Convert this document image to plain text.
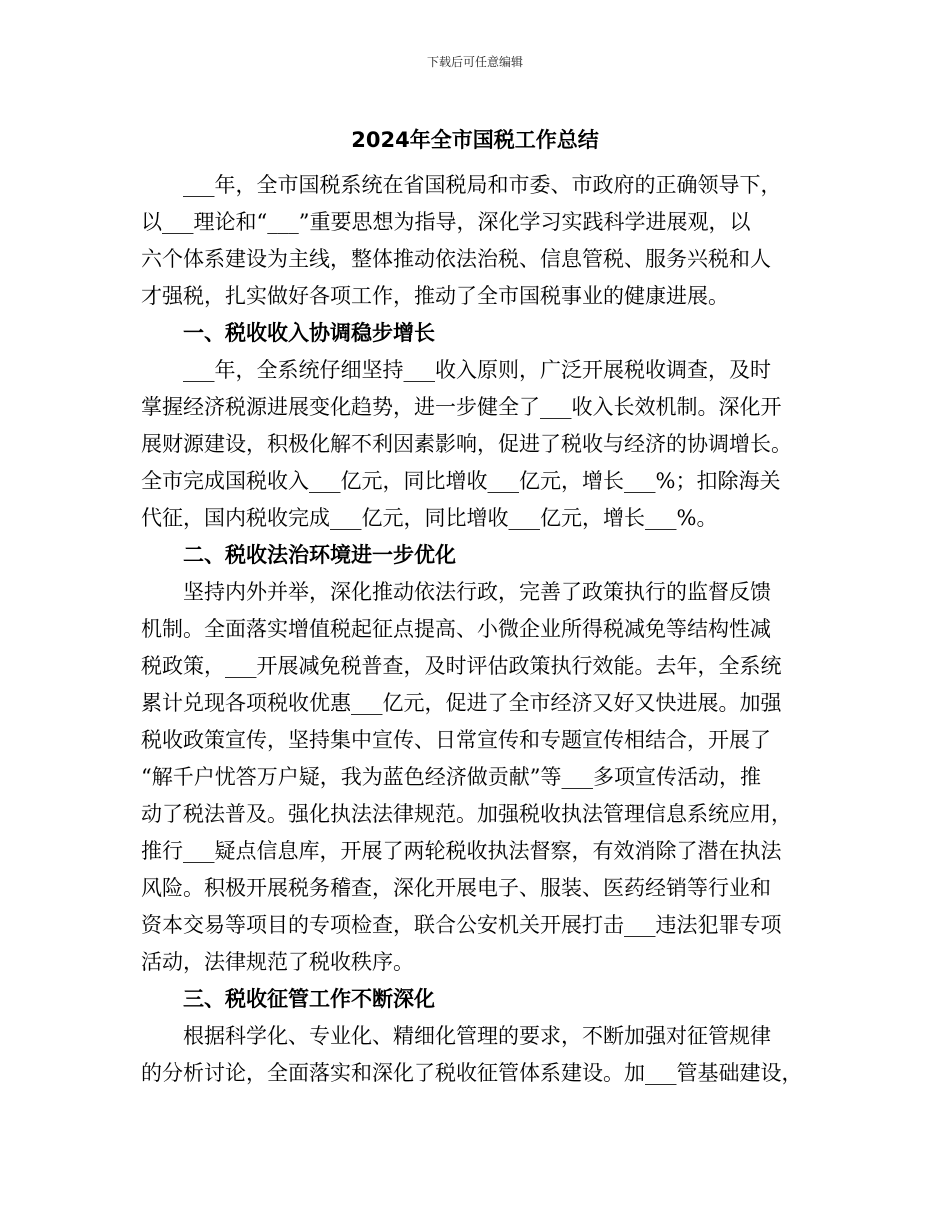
下载后可任意编辑
2024年全市国税工作总结
　　___年，全市国税系统在省国税局和市委、市政府的正确领导下，
以___理论和“___”重要思想为指导，深化学习实践科学进展观，以
六个体系建设为主线，整体推动依法治税、信息管税、服务兴税和人
才强税，扎实做好各项工作，推动了全市国税事业的健康进展。
　　一、税收收入协调稳步增长
　　___年，全系统仔细坚持___收入原则，广泛开展税收调查，及时
掌握经济税源进展变化趋势，进一步健全了___收入长效机制。深化开
展财源建设，积极化解不利因素影响，促进了税收与经济的协调增长。
全市完成国税收入___亿元，同比增收___亿元，增长___%；扣除海关
代征，国内税收完成___亿元，同比增收___亿元，增长___%。
　　二、税收法治环境进一步优化
　　坚持内外并举，深化推动依法行政，完善了政策执行的监督反馈
机制。全面落实增值税起征点提高、小微企业所得税减免等结构性减
税政策，___开展减免税普查，及时评估政策执行效能。去年，全系统
累计兑现各项税收优惠___亿元，促进了全市经济又好又快进展。加强
税收政策宣传，坚持集中宣传、日常宣传和专题宣传相结合，开展了
“解千户忧答万户疑，我为蓝色经济做贡献”等___多项宣传活动，推
动了税法普及。强化执法法律规范。加强税收执法管理信息系统应用，
推行___疑点信息库，开展了两轮税收执法督察，有效消除了潜在执法
风险。积极开展税务稽查，深化开展电子、服装、医药经销等行业和
资本交易等项目的专项检查，联合公安机关开展打击___违法犯罪专项
活动，法律规范了税收秩序。
　　三、税收征管工作不断深化
　　根据科学化、专业化、精细化管理的要求，不断加强对征管规律
的分析讨论，全面落实和深化了税收征管体系建设。加___管基础建设，
